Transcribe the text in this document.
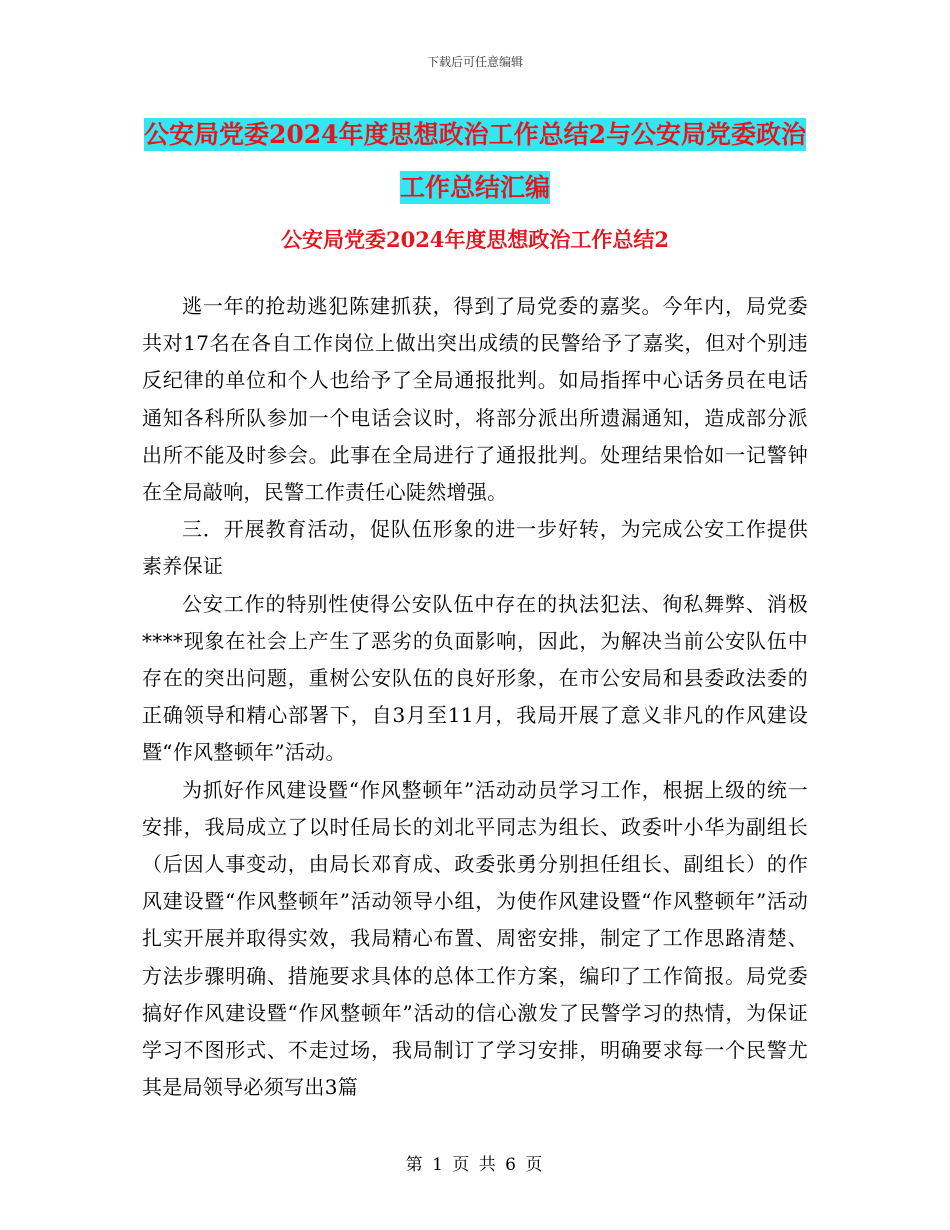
下载后可任意编辑
公安局党委2024年度思想政治工作总结2与公安局党委政治工作总结汇编
公安局党委2024年度思想政治工作总结2

逃一年的抢劫逃犯陈建抓获，得到了局党委的嘉奖。今年内，局党委共对17名在各自工作岗位上做出突出成绩的民警给予了嘉奖，但对个别违反纪律的单位和个人也给予了全局通报批判。如局指挥中心话务员在电话通知各科所队参加一个电话会议时，将部分派出所遗漏通知，造成部分派出所不能及时参会。此事在全局进行了通报批判。处理结果恰如一记警钟在全局敲响，民警工作责任心陡然增强。

三．开展教育活动，促队伍形象的进一步好转，为完成公安工作提供素养保证

公安工作的特别性使得公安队伍中存在的执法犯法、徇私舞弊、消极****现象在社会上产生了恶劣的负面影响，因此，为解决当前公安队伍中存在的突出问题，重树公安队伍的良好形象，在市公安局和县委政法委的正确领导和精心部署下，自3月至11月，我局开展了意义非凡的作风建设暨“作风整顿年”活动。

为抓好作风建设暨“作风整顿年”活动动员学习工作，根据上级的统一安排，我局成立了以时任局长的刘北平同志为组长、政委叶小华为副组长（后因人事变动，由局长邓育成、政委张勇分别担任组长、副组长）的作风建设暨“作风整顿年”活动领导小组，为使作风建设暨“作风整顿年”活动扎实开展并取得实效，我局精心布置、周密安排，制定了工作思路清楚、方法步骤明确、措施要求具体的总体工作方案，编印了工作简报。局党委搞好作风建设暨“作风整顿年”活动的信心激发了民警学习的热情，为保证学习不图形式、不走过场，我局制订了学习安排，明确要求每一个民警尤其是局领导必须写出3篇

第 1 页 共 6 页
